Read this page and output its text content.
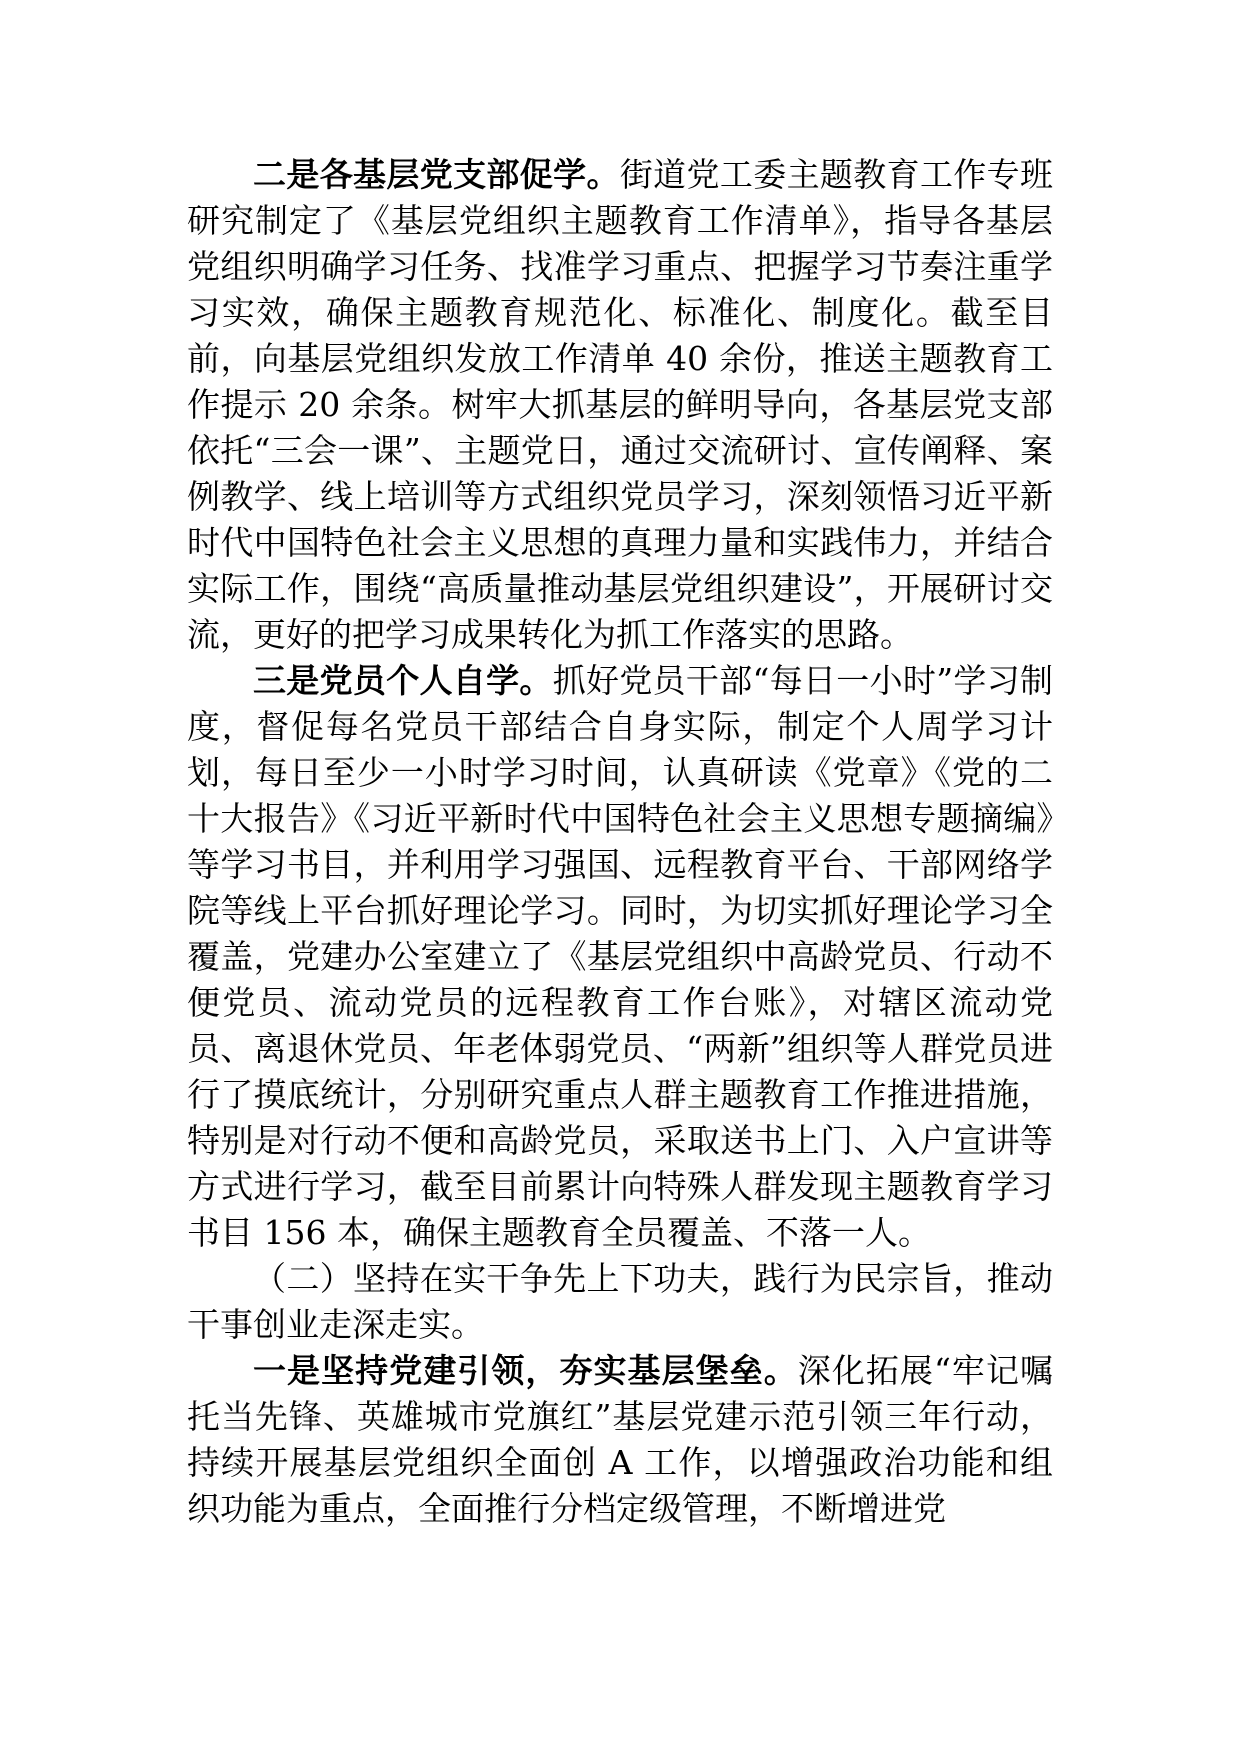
二是各基层党支部促学。街道党工委主题教育工作专班研究制定了《基层党组织主题教育工作清单》，指导各基层党组织明确学习任务、找准学习重点、把握学习节奏注重学习实效，确保主题教育规范化、标准化、制度化。截至目前，向基层党组织发放工作清单 40 余份，推送主题教育工作提示 20 余条。树牢大抓基层的鲜明导向，各基层党支部依托“三会一课”、主题党日，通过交流研讨、宣传阐释、案例教学、线上培训等方式组织党员学习，深刻领悟习近平新时代中国特色社会主义思想的真理力量和实践伟力，并结合实际工作，围绕“高质量推动基层党组织建设”，开展研讨交流，更好的把学习成果转化为抓工作落实的思路。

三是党员个人自学。抓好党员干部“每日一小时”学习制度，督促每名党员干部结合自身实际，制定个人周学习计划，每日至少一小时学习时间，认真研读《党章》《党的二十大报告》《习近平新时代中国特色社会主义思想专题摘编》等学习书目，并利用学习强国、远程教育平台、干部网络学院等线上平台抓好理论学习。同时，为切实抓好理论学习全覆盖，党建办公室建立了《基层党组织中高龄党员、行动不便党员、流动党员的远程教育工作台账》，对辖区流动党员、离退休党员、年老体弱党员、“两新”组织等人群党员进行了摸底统计，分别研究重点人群主题教育工作推进措施，特别是对行动不便和高龄党员，采取送书上门、入户宣讲等方式进行学习，截至目前累计向特殊人群发现主题教育学习书目 156 本，确保主题教育全员覆盖、不落一人。

（二）坚持在实干争先上下功夫，践行为民宗旨，推动干事创业走深走实。

一是坚持党建引领，夯实基层堡垒。深化拓展“牢记嘱托当先锋、英雄城市党旗红”基层党建示范引领三年行动，持续开展基层党组织全面创 A 工作，以增强政治功能和组织功能为重点，全面推行分档定级管理，不断增进党
